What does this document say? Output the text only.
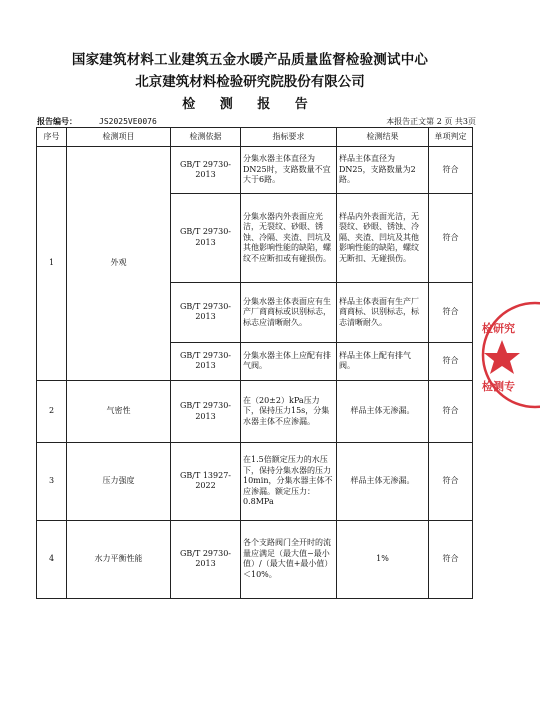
国家建筑材料工业建筑五金水暖产品质量监督检验测试中心
北京建筑材料检验研究院股份有限公司
检 测 报 告
报告编号：	JS2025VE0076	本报告正文第 2 页 共3页
序号	检测项目	检测依据	指标要求	检测结果	单项判定
1	外观	GB/T 29730-2013	分集水器主体直径为DN25时，支路数量不宜大于6路。	样品主体直径为DN25，支路数量为2路。	符合
		GB/T 29730-2013	分集水器内外表面应光洁，无裂纹、砂眼、锈蚀、冷隔、夹渣、凹坑及其他影响性能的缺陷，螺纹不应断扣或有碰损伤。	样品内外表面光洁，无裂纹、砂眼、锈蚀、冷隔、夹渣、凹坑及其他影响性能的缺陷，螺纹无断扣、无碰损伤。	符合
		GB/T 29730-2013	分集水器主体表面应有生产厂商商标或识别标志，标志应清晰耐久。	样品主体表面有生产厂商商标、识别标志，标志清晰耐久。	符合
		GB/T 29730-2013	分集水器主体上应配有排气阀。	样品主体上配有排气阀。	符合
2	气密性	GB/T 29730-2013	在（20±2）kPa压力下，保持压力15s，分集水器主体不应渗漏。	样品主体无渗漏。	符合
3	压力强度	GB/T 13927-2022	在1.5倍额定压力的水压下，保持分集水器的压力10min，分集水器主体不应渗漏。额定压力：0.8MPa	样品主体无渗漏。	符合
4	水力平衡性能	GB/T 29730-2013	各个支路阀门全开时的流量应满足（最大值−最小值）/（最大值+最小值）＜10%。	1%	符合
检研究
检测专
